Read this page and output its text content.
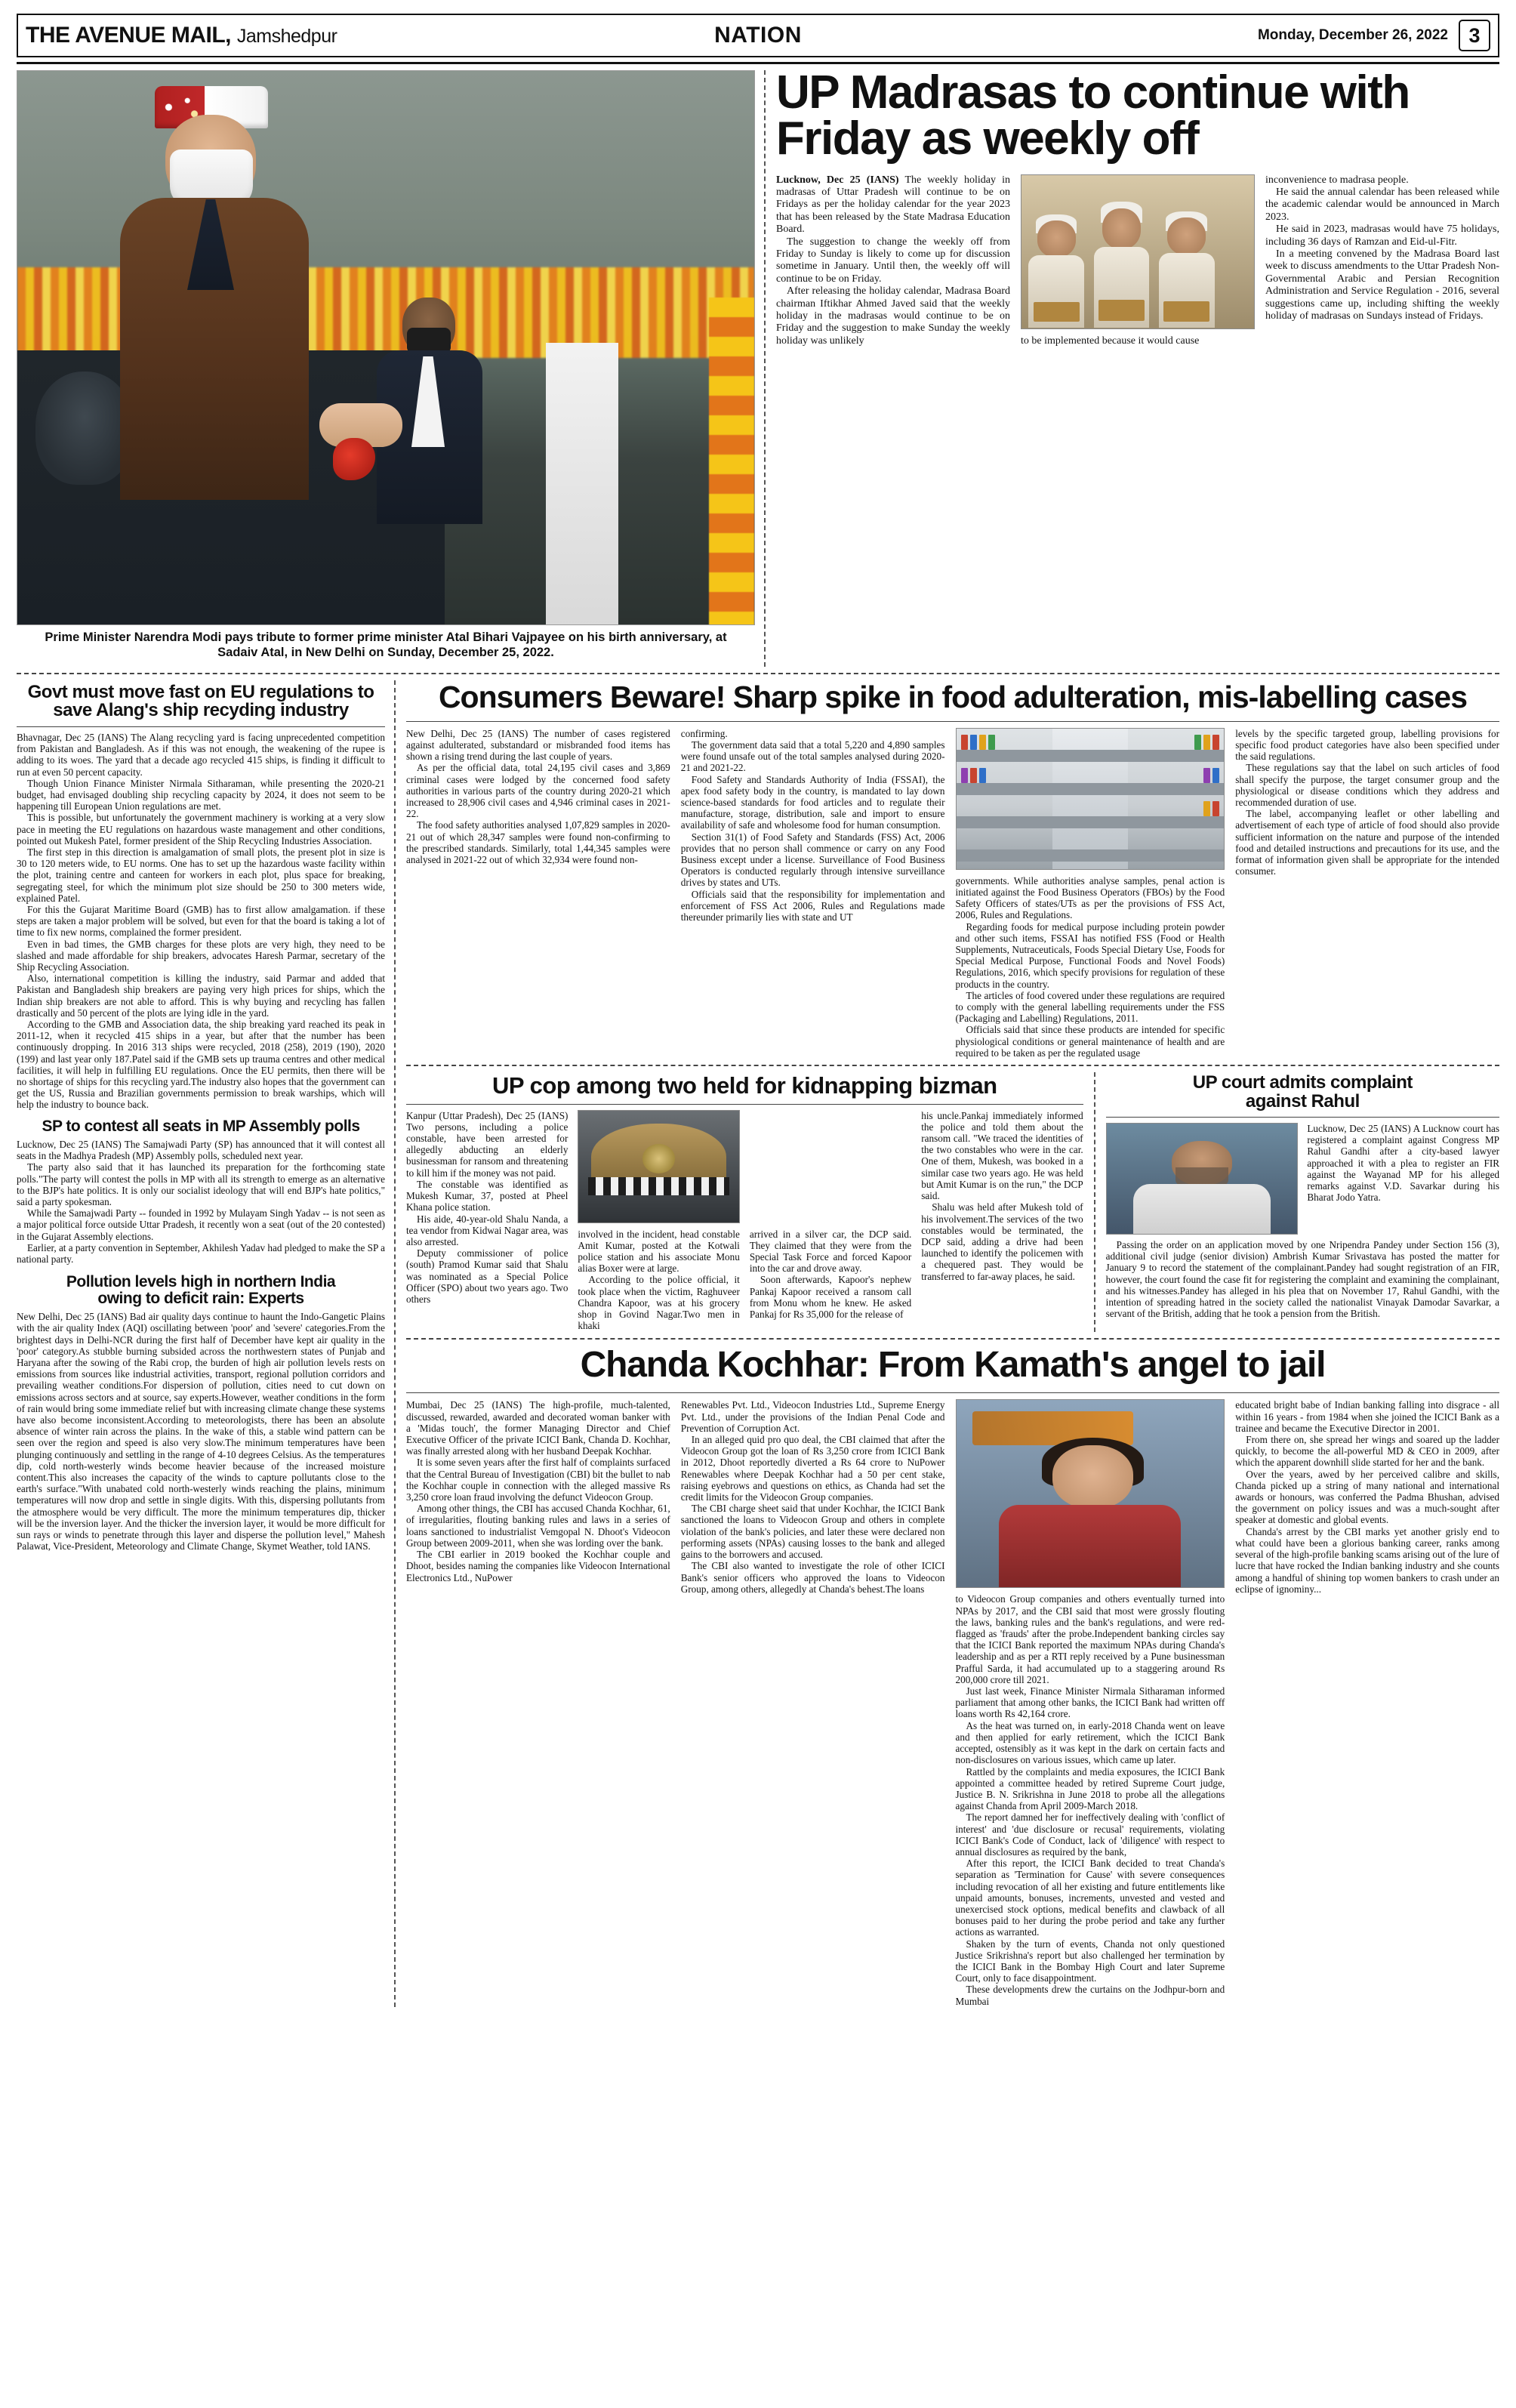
THE AVENUE MAIL, Jamshedpur	NATION	Monday, December 26, 2022	3
Prime Minister Narendra Modi pays tribute to former prime minister Atal Bihari Vajpayee on his birth anniversary, at Sadaiv Atal, in New Delhi on Sunday, December 25, 2022.
UP Madrasas to continue with Friday as weekly off

Lucknow, Dec 25 (IANS) The weekly holiday in madrasas of Uttar Pradesh will continue to be on Fridays as per the holiday calendar for the year 2023 that has been released by the State Madrasa Education Board.

The suggestion to change the weekly off from Friday to Sunday is likely to come up for discussion sometime in January. Until then, the weekly off will continue to be on Friday.

After releasing the holiday calendar, Madrasa Board chairman Iftikhar Ahmed Javed said that the weekly holiday in the madrasas would continue to be on Friday and the suggestion to make Sunday the weekly holiday was unlikely	to be implemented because it would cause

inconvenience to madrasa people.

He said the annual calendar has been released while the academic calendar would be announced in March 2023.

He said in 2023, madrasas would have 75 holidays, including 36 days of Ramzan and Eid-ul-Fitr.

In a meeting convened by the Madrasa Board last week to discuss amendments to the Uttar Pradesh Non-Governmental Arabic and Persian Recognition Administration and Service Regulation - 2016, several suggestions came up, including shifting the weekly holiday of madrasas on Sundays instead of Fridays.

Govt must move fast on EU regulations to
save Alang's ship recyding industry

Bhavnagar, Dec 25 (IANS) The Alang recycling yard is facing unprecedented competition from Pakistan and Bangladesh. As if this was not enough, the weakening of the rupee is adding to its woes. The yard that a decade ago recycled 415 ships, is finding it difficult to run at even 50 percent capacity.

Though Union Finance Minister Nirmala Sitharaman, while presenting the 2020-21 budget, had envisaged doubling ship recycling capacity by 2024, it does not seem to be happening till European Union regulations are met.

This is possible, but unfortunately the government machinery is working at a very slow pace in meeting the EU regulations on hazardous waste management and other conditions, pointed out Mukesh Patel, former president of the Ship Recycling Industries Association.

The first step in this direction is amalgamation of small plots, the present plot in size is 30 to 120 meters wide, to EU norms. One has to set up the hazardous waste facility within the plot, training centre and canteen for workers in each plot, plus space for breaking, segregating steel, for which the minimum plot size should be 250 to 300 meters wide, explained Patel.

For this the Gujarat Maritime Board (GMB) has to first allow amalgamation. if these steps are taken a major problem will be solved, but even for that the board is taking a lot of time to fix new norms, complained the former president.

Even in bad times, the GMB charges for these plots are very high, they need to be slashed and made affordable for ship breakers, advocates Haresh Parmar, secretary of the Ship Recycling Association.

Also, international competition is killing the industry, said Parmar and added that Pakistan and Bangladesh ship breakers are paying very high prices for ships, which the Indian ship breakers are not able to afford. This is why buying and recycling has fallen drastically and 50 percent of the plots are lying idle in the yard.

According to the GMB and Association data, the ship breaking yard reached its peak in 2011-12, when it recycled 415 ships in a year, but after that the number has been continuously dropping. In 2016 313 ships were recycled, 2018 (258), 2019 (190), 2020 (199) and last year only 187.Patel said if the GMB sets up trauma centres and other medical facilities, it will help in fulfilling EU regulations. Once the EU permits, then there will be no shortage of ships for this recycling yard.The industry also hopes that the government can get the US, Russia and Brazilian governments permission to break warships, which will help the industry to bounce back.

SP to contest all seats in MP Assembly polls

Lucknow, Dec 25 (IANS) The Samajwadi Party (SP) has announced that it will contest all seats in the Madhya Pradesh (MP) Assembly polls, scheduled next year.

The party also said that it has launched its preparation for the forthcoming state polls."The party will contest the polls in MP with all its strength to emerge as an alternative to the BJP's hate politics. It is only our socialist ideology that will end BJP's hate politics," said a party spokesman.

While the Samajwadi Party -- founded in 1992 by Mulayam Singh Yadav -- is not seen as a major political force outside Uttar Pradesh, it recently won a seat (out of the 20 contested) in the Gujarat Assembly elections.

Earlier, at a party convention in September, Akhilesh Yadav had pledged to make the SP a national party.

Pollution levels high in northern India
owing to deficit rain: Experts

New Delhi, Dec 25 (IANS) Bad air quality days continue to haunt the Indo-Gangetic Plains with the air quality Index (AQI) oscillating between 'poor' and 'severe' categories.From the brightest days in Delhi-NCR during the first half of December have kept air quality in the 'poor' category.As stubble burning subsided across the northwestern states of Punjab and Haryana after the sowing of the Rabi crop, the burden of high air pollution levels rests on emissions from sources like industrial activities, transport, regional pollution corridors and prevailing weather conditions.For dispersion of pollution, cities need to cut down on emissions across sectors and at source, say experts.However, weather conditions in the form of rain would bring some immediate relief but with increasing climate change these systems have also become inconsistent.According to meteorologists, there has been an absolute absence of winter rain across the plains. In the wake of this, a stable wind pattern can be seen over the region and speed is also very slow.The minimum temperatures have been plunging continuously and settling in the range of 4-10 degrees Celsius. As the temperatures dip, cold north-westerly winds become heavier because of the increased moisture content.This also increases the capacity of the winds to capture pollutants close to the earth's surface."With unabated cold north-westerly winds reaching the plains, minimum temperatures will now drop and settle in single digits. With this, dispersing pollutants from the atmosphere would be very difficult. The more the minimum temperatures dip, thicker will be the inversion layer. And the thicker the inversion layer, it would be more difficult for sun rays or winds to penetrate through this layer and disperse the pollution level," Mahesh Palawat, Vice-President, Meteorology and Climate Change, Skymet Weather, told IANS.

Consumers Beware! Sharp spike in food adulteration, mis-labelling cases

New Delhi, Dec 25 (IANS) The number of cases registered against adulterated, substandard or misbranded food items has shown a rising trend during the last couple of years.

As per the official data, total 24,195 civil cases and 3,869 criminal cases were lodged by the concerned food safety authorities in various parts of the country during 2020-21 which increased to 28,906 civil cases and 4,946 criminal cases in 2021-22.

The food safety authorities analysed 1,07,829 samples in 2020-21 out of which 28,347 samples were found non-confirming to the prescribed standards. Similarly, total 1,44,345 samples were analysed in 2021-22 out of which 32,934 were found non-

confirming.

The government data said that a total 5,220 and 4,890 samples were found unsafe out of the total samples analysed during 2020-21 and 2021-22.

Food Safety and Standards Authority of India (FSSAI), the apex food safety body in the country, is mandated to lay down science-based standards for food articles and to regulate their manufacture, storage, distribution, sale and import to ensure availability of safe and wholesome food for human consumption.

Section 31(1) of Food Safety and Standards (FSS) Act, 2006 provides that no person shall commence or carry on any Food Business except under a license. Surveillance of Food Business Operators is conducted regularly through intensive surveillance drives by states and UTs.

Officials said that the responsibility for implementation and enforcement of FSS Act 2006, Rules and Regulations made thereunder primarily lies with state and UT

governments. While authorities analyse samples, penal action is initiated against the Food Business Operators (FBOs) by the Food Safety Officers of states/UTs as per the provisions of FSS Act, 2006, Rules and Regulations.

Regarding foods for medical purpose including protein powder and other such items, FSSAI has notified FSS (Food or Health Supplements, Nutraceuticals, Foods Special Dietary Use, Foods for Special Medical Purpose, Functional Foods and Novel Foods) Regulations, 2016, which specify provisions for regulation of these products in the country.

The articles of food covered under these regulations are required to comply with the general labelling requirements under the FSS (Packaging and Labelling) Regulations, 2011.

Officials said that since these products are intended for specific physiological conditions or general maintenance of health and are required to be taken as per the regulated usage

levels by the specific targeted group, labelling provisions for specific food product categories have also been specified under the said regulations.

These regulations say that the label on such articles of food shall specify the purpose, the target consumer group and the physiological or disease conditions which they address and recommended duration of use.

The label, accompanying leaflet or other labelling and advertisement of each type of article of food should also provide sufficient information on the nature and purpose of the intended food and detailed instructions and precautions for its use, and the format of information given shall be appropriate for the intended consumer.

UP cop among two held for kidnapping bizman

Kanpur (Uttar Pradesh), Dec 25 (IANS) Two persons, including a police constable, have been arrested for allegedly abducting an elderly businessman for ransom and threatening to kill him if the money was not paid.

The constable was identified as Mukesh Kumar, 37, posted at Pheel Khana police station.

His aide, 40-year-old Shalu Nanda, a tea vendor from Kidwai Nagar area, was also arrested.

Deputy commissioner of police (south) Pramod Kumar said that Shalu was nominated as a Special Police Officer (SPO) about two years ago. Two others

involved in the incident, head constable Amit Kumar, posted at the Kotwali police station and his associate Monu alias Boxer were at large.

According to the police official, it took place when the victim, Raghuveer Chandra Kapoor, was at his grocery shop in Govind Nagar.Two men in khaki

arrived in a silver car, the DCP said. They claimed that they were from the Special Task Force and forced Kapoor into the car and drove away.

Soon afterwards, Kapoor's nephew Pankaj Kapoor received a ransom call from Monu whom he knew. He asked Pankaj for Rs 35,000 for the release of

his uncle.Pankaj immediately informed the police and told them about the ransom call. "We traced the identities of the two constables who were in the car. One of them, Mukesh, was booked in a similar case two years ago. He was held but Amit Kumar is on the run," the DCP said.

Shalu was held after Mukesh told of his involvement.The services of the two constables would be terminated, the DCP said, adding a drive had been launched to identify the policemen with a chequered past. They would be transferred to far-away places, he said.

UP court admits complaint
against Rahul

Lucknow, Dec 25 (IANS) A Lucknow court has registered a complaint against Congress MP Rahul Gandhi after a city-based lawyer approached it with a plea to register an FIR against the Wayanad MP for his alleged remarks against V.D. Savarkar during his Bharat Jodo Yatra.

Passing the order on an application moved by one Nripendra Pandey under Section 156 (3), additional civil judge (senior division) Ambrish Kumar Srivastava has posted the matter for January 9 to record the statement of the complainant.Pandey had sought registration of an FIR, however, the court found the case fit for registering the complaint and examining the complainant, and his witnesses.Pandey has alleged in his plea that on November 17, Rahul Gandhi, with the intention of spreading hatred in the society called the nationalist Vinayak Damodar Savarkar, a servant of the British, adding that he took a pension from the British.

Chanda Kochhar: From Kamath's angel to jail

Mumbai, Dec 25 (IANS) The high-profile, much-talented, discussed, rewarded, awarded and decorated woman banker with a 'Midas touch', the former Managing Director and Chief Executive Officer of the private ICICI Bank, Chanda D. Kochhar, was finally arrested along with her husband Deepak Kochhar.

It is some seven years after the first half of complaints surfaced that the Central Bureau of Investigation (CBI) bit the bullet to nab the Kochhar couple in connection with the alleged massive Rs 3,250 crore loan fraud involving the defunct Videocon Group.

Among other things, the CBI has accused Chanda Kochhar, 61, of irregularities, flouting banking rules and laws in a series of loans sanctioned to industrialist Vemgopal N. Dhoot's Videocon Group between 2009-2011, when she was lording over the bank.

The CBI earlier in 2019 booked the Kochhar couple and Dhoot, besides naming the companies like Videocon International Electronics Ltd., NuPower

Renewables Pvt. Ltd., Videocon Industries Ltd., Supreme Energy Pvt. Ltd., under the provisions of the Indian Penal Code and Prevention of Corruption Act.

In an alleged quid pro quo deal, the CBI claimed that after the Videocon Group got the loan of Rs 3,250 crore from ICICI Bank in 2012, Dhoot reportedly diverted a Rs 64 crore to NuPower Renewables where Deepak Kochhar had a 50 per cent stake, raising eyebrows and questions on ethics, as Chanda had set the credit limits for the Videocon Group companies.

The CBI charge sheet said that under Kochhar, the ICICI Bank sanctioned the loans to Videocon Group and others in complete violation of the bank's policies, and later these were declared non performing assets (NPAs) causing losses to the bank and alleged gains to the borrowers and accused.

The CBI also wanted to investigate the role of other ICICI Bank's senior officers who approved the loans to Videocon Group, among others, allegedly at Chanda's behest.The loans

to Videocon Group companies and others eventually turned into NPAs by 2017, and the CBI said that most were grossly flouting the laws, banking rules and the bank's regulations, and were red-flagged as 'frauds' after the probe.Independent banking circles say that the ICICI Bank reported the maximum NPAs during Chanda's leadership and as per a RTI reply received by a Pune businessman Prafful Sarda, it had accumulated up to a staggering around Rs 200,000 crore till 2021.

Just last week, Finance Minister Nirmala Sitharaman informed parliament that among other banks, the ICICI Bank had written off loans worth Rs 42,164 crore.

As the heat was turned on, in early-2018 Chanda went on leave and then applied for early retirement, which the ICICI Bank accepted, ostensibly as it was kept in the dark on certain facts and non-disclosures on various issues, which came up later.

Rattled by the complaints and media exposures, the ICICI Bank appointed a committee headed by retired Supreme Court judge, Justice B. N. Srikrishna in June 2018 to probe all the allegations against Chanda from April 2009-March 2018.

The report damned her for ineffectively dealing with 'conflict of interest' and 'due disclosure or recusal' requirements, violating ICICI Bank's Code of Conduct, lack of 'diligence' with respect to annual disclosures as required by the bank,

After this report, the ICICI Bank decided to treat Chanda's separation as 'Termination for Cause' with severe consequences including revocation of all her existing and future entitlements like unpaid amounts, bonuses, increments, unvested and vested and unexercised stock options, medical benefits and clawback of all bonuses paid to her during the probe period and take any further actions as warranted.

Shaken by the turn of events, Chanda not only questioned Justice Srikrishna's report but also challenged her termination by the ICICI Bank in the Bombay High Court and later Supreme Court, only to face disappointment.

These developments drew the curtains on the Jodhpur-born and Mumbai

educated bright babe of Indian banking falling into disgrace - all within 16 years - from 1984 when she joined the ICICI Bank as a trainee and became the Executive Director in 2001.

From there on, she spread her wings and soared up the ladder quickly, to become the all-powerful MD & CEO in 2009, after which the apparent downhill slide started for her and the bank.

Over the years, awed by her perceived calibre and skills, Chanda picked up a string of many national and international awards or honours, was conferred the Padma Bhushan, advised the government on policy issues and was a much-sought after speaker at domestic and global events.

Chanda's arrest by the CBI marks yet another grisly end to what could have been a glorious banking career, ranks among several of the high-profile banking scams arising out of the lure of lucre that have rocked the Indian banking industry and she counts among a handful of shining top women bankers to crash under an eclipse of ignominy...
